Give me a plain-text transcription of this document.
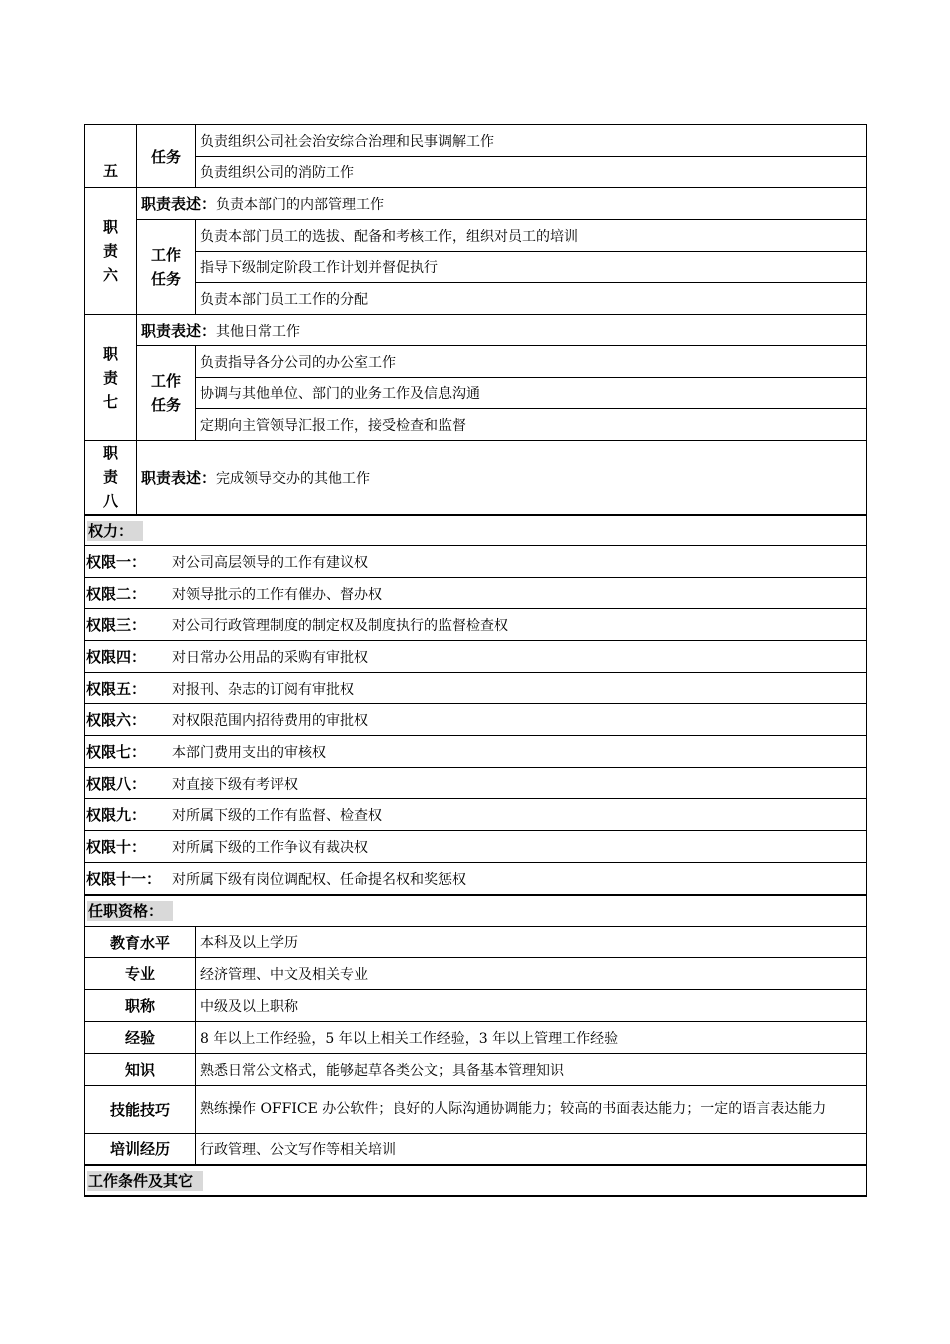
五	任务	负责组织公司社会治安综合治理和民事调解工作
		负责组织公司的消防工作

职责六	职责表述：负责本部门的内部管理工作	

	工作任务	负责本部门员工的选拔、配备和考核工作，组织对员工的培训
		指导下级制定阶段工作计划并督促执行
		负责本部门员工工作的分配

职责七	职责表述：其他日常工作	

	工作任务	负责指导各分公司的办公室工作
		协调与其他单位、部门的业务工作及信息沟通
		定期向主管领导汇报工作，接受检查和监督

职责八	职责表述：完成领导交办的其他工作	
权力：		
权限一： 对公司高层领导的工作有建议权		
权限二： 对领导批示的工作有催办、督办权		
权限三： 对公司行政管理制度的制定权及制度执行的监督检查权		
权限四： 对日常办公用品的采购有审批权		
权限五： 对报刊、杂志的订阅有审批权		
权限六： 对权限范围内招待费用的审批权		
权限七： 本部门费用支出的审核权		
权限八： 对直接下级有考评权		
权限九： 对所属下级的工作有监督、检查权		
权限十： 对所属下级的工作争议有裁决权		
权限十一： 对所属下级有岗位调配权、任命提名权和奖惩权		
任职资格：		
教育水平		本科及以上学历
专业		经济管理、中文及相关专业
职称		中级及以上职称
经验		8 年以上工作经验，5 年以上相关工作经验，3 年以上管理工作经验
知识		熟悉日常公文格式，能够起草各类公文；具备基本管理知识
技能技巧		熟练操作 OFFICE 办公软件；良好的人际沟通协调能力；较高的书面表达能力；一定的语言表达能力
培训经历		行政管理、公文写作等相关培训
工作条件及其它		
